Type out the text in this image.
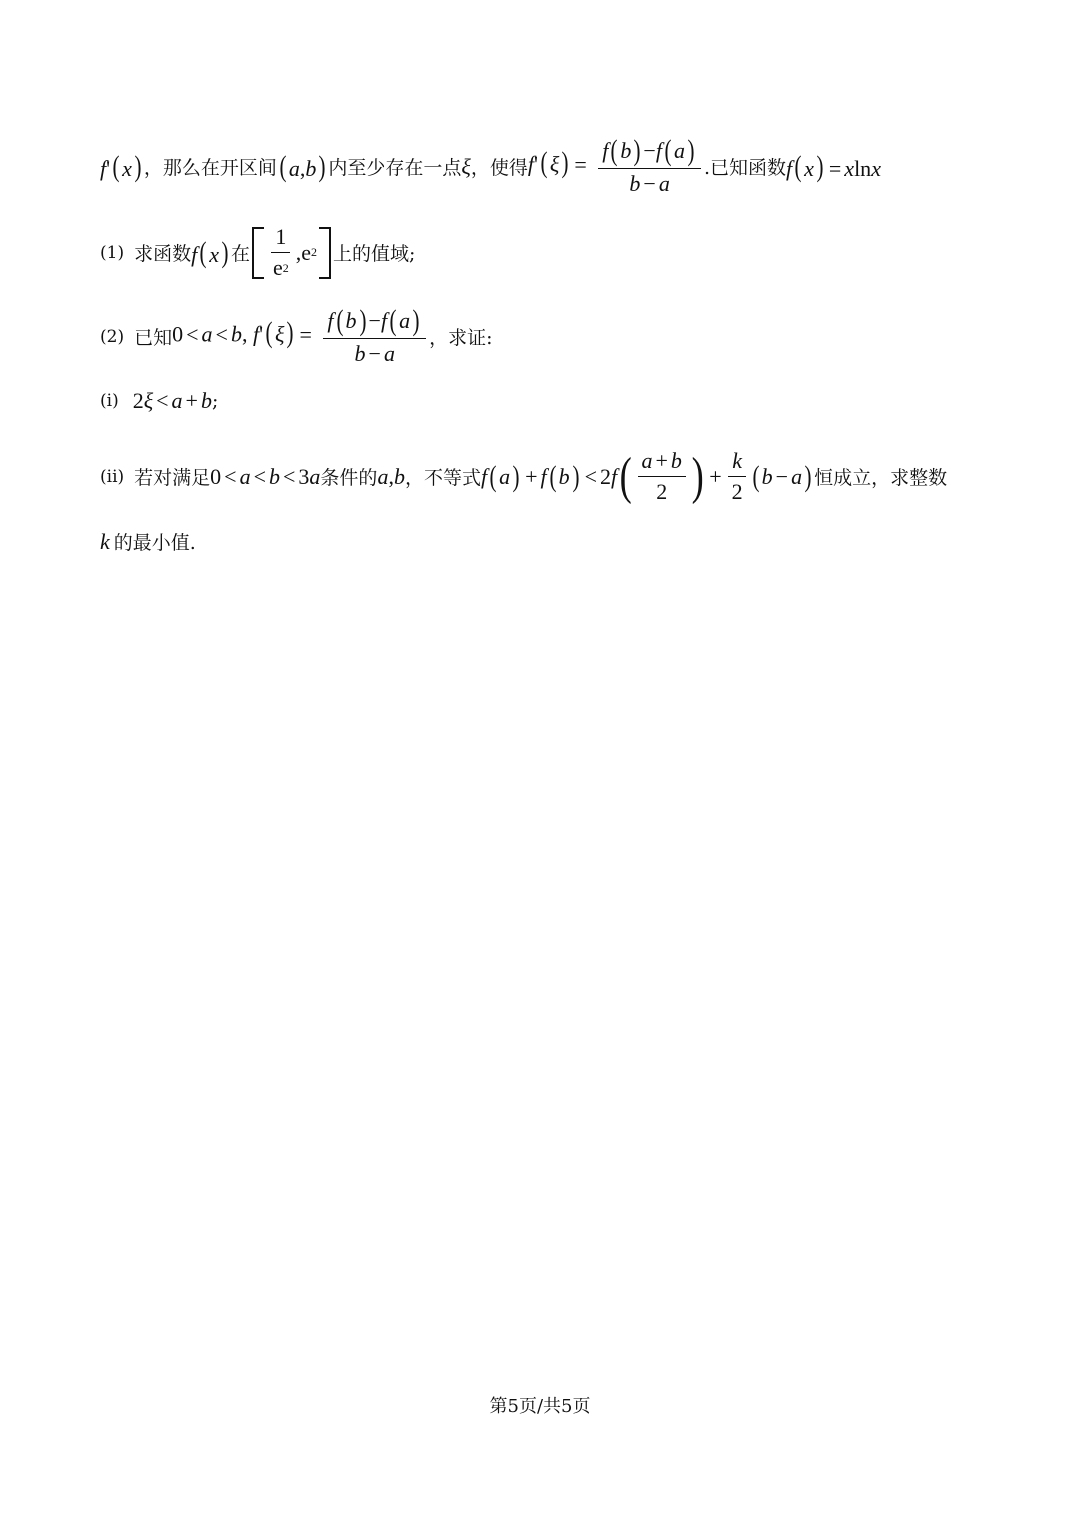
f'( x) ，那么在开区间 ( a,b) 内至少存在一点 ξ ，使得 f'( $\xi) = \frac{f ( b ) - f ( a )}{b - a}$ .已知函数 f( x) = xlnx
(1) 求函数 f( x) 在 $\frac{1}{e 2} ,e$ 2 上的值域;
(2) 已知 0 < a < b, f'( $\xi) = \frac{f ( b ) - f ( a )}{b - a}$ ，求证:
(i) 2ξ < a + b ;
(ii) 若对满足 0 < a < b < 3a 条件的 a,b ，不等式 f ( a ) + f ( b ) < 2 f ( $\frac{a + b}{2}$ ) + $\frac{k}{2}$ ( b − a ) 恒成立，求整数
k 的最小值.
第5页/共5页
